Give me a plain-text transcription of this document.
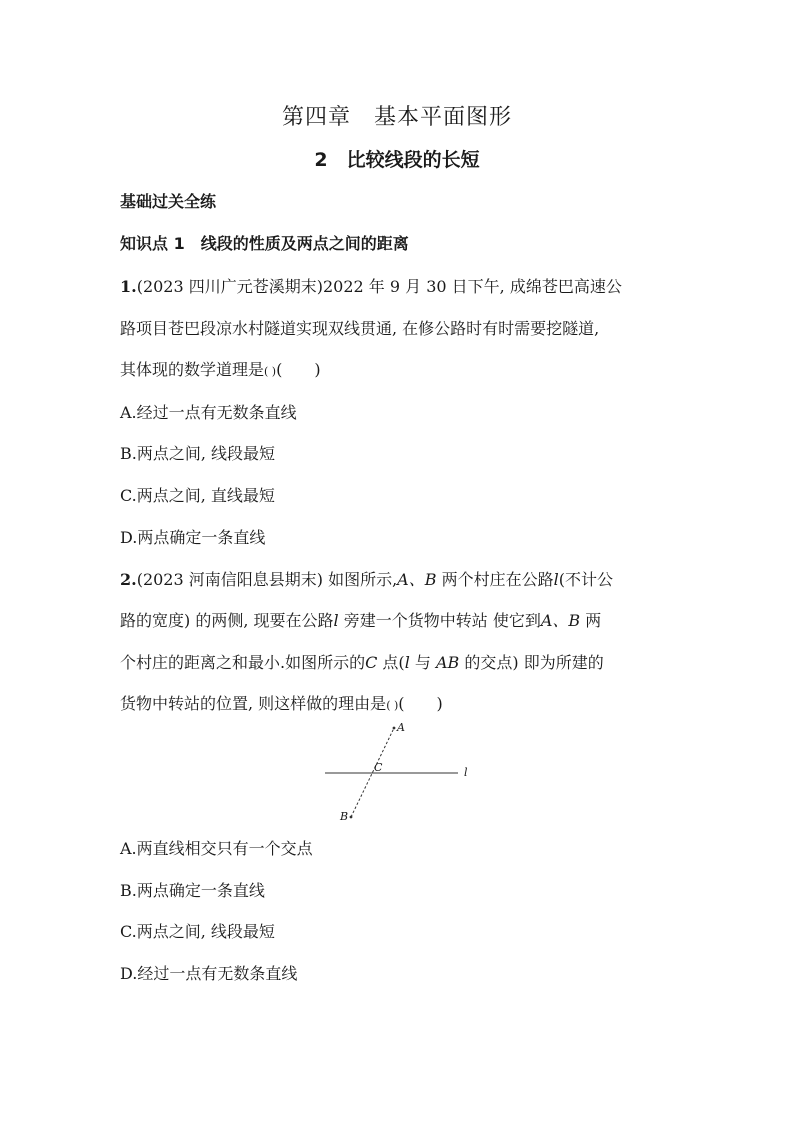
第四章　基本平面图形
2　比较线段的长短
基础过关全练
知识点 1　线段的性质及两点之间的距离
1.(2023 四川广元苍溪期末)2022 年 9 月 30 日下午, 成绵苍巴高速公
路项目苍巴段凉水村隧道实现双线贯通, 在修公路时有时需要挖隧道,
其体现的数学道理是( )(　　)
A.经过一点有无数条直线
B.两点之间, 线段最短
C.两点之间, 直线最短
D.两点确定一条直线
2.(2023 河南信阳息县期末) 如图所示,A、B 两个村庄在公路l(不计公
路的宽度) 的两侧, 现要在公路l 旁建一个货物中转站 使它到A、B 两
个村庄的距离之和最小.如图所示的C 点(l 与 AB 的交点) 即为所建的
货物中转站的位置, 则这样做的理由是( )(　　)
A
B
C	l
A.两直线相交只有一个交点
B.两点确定一条直线
C.两点之间, 线段最短
D.经过一点有无数条直线
